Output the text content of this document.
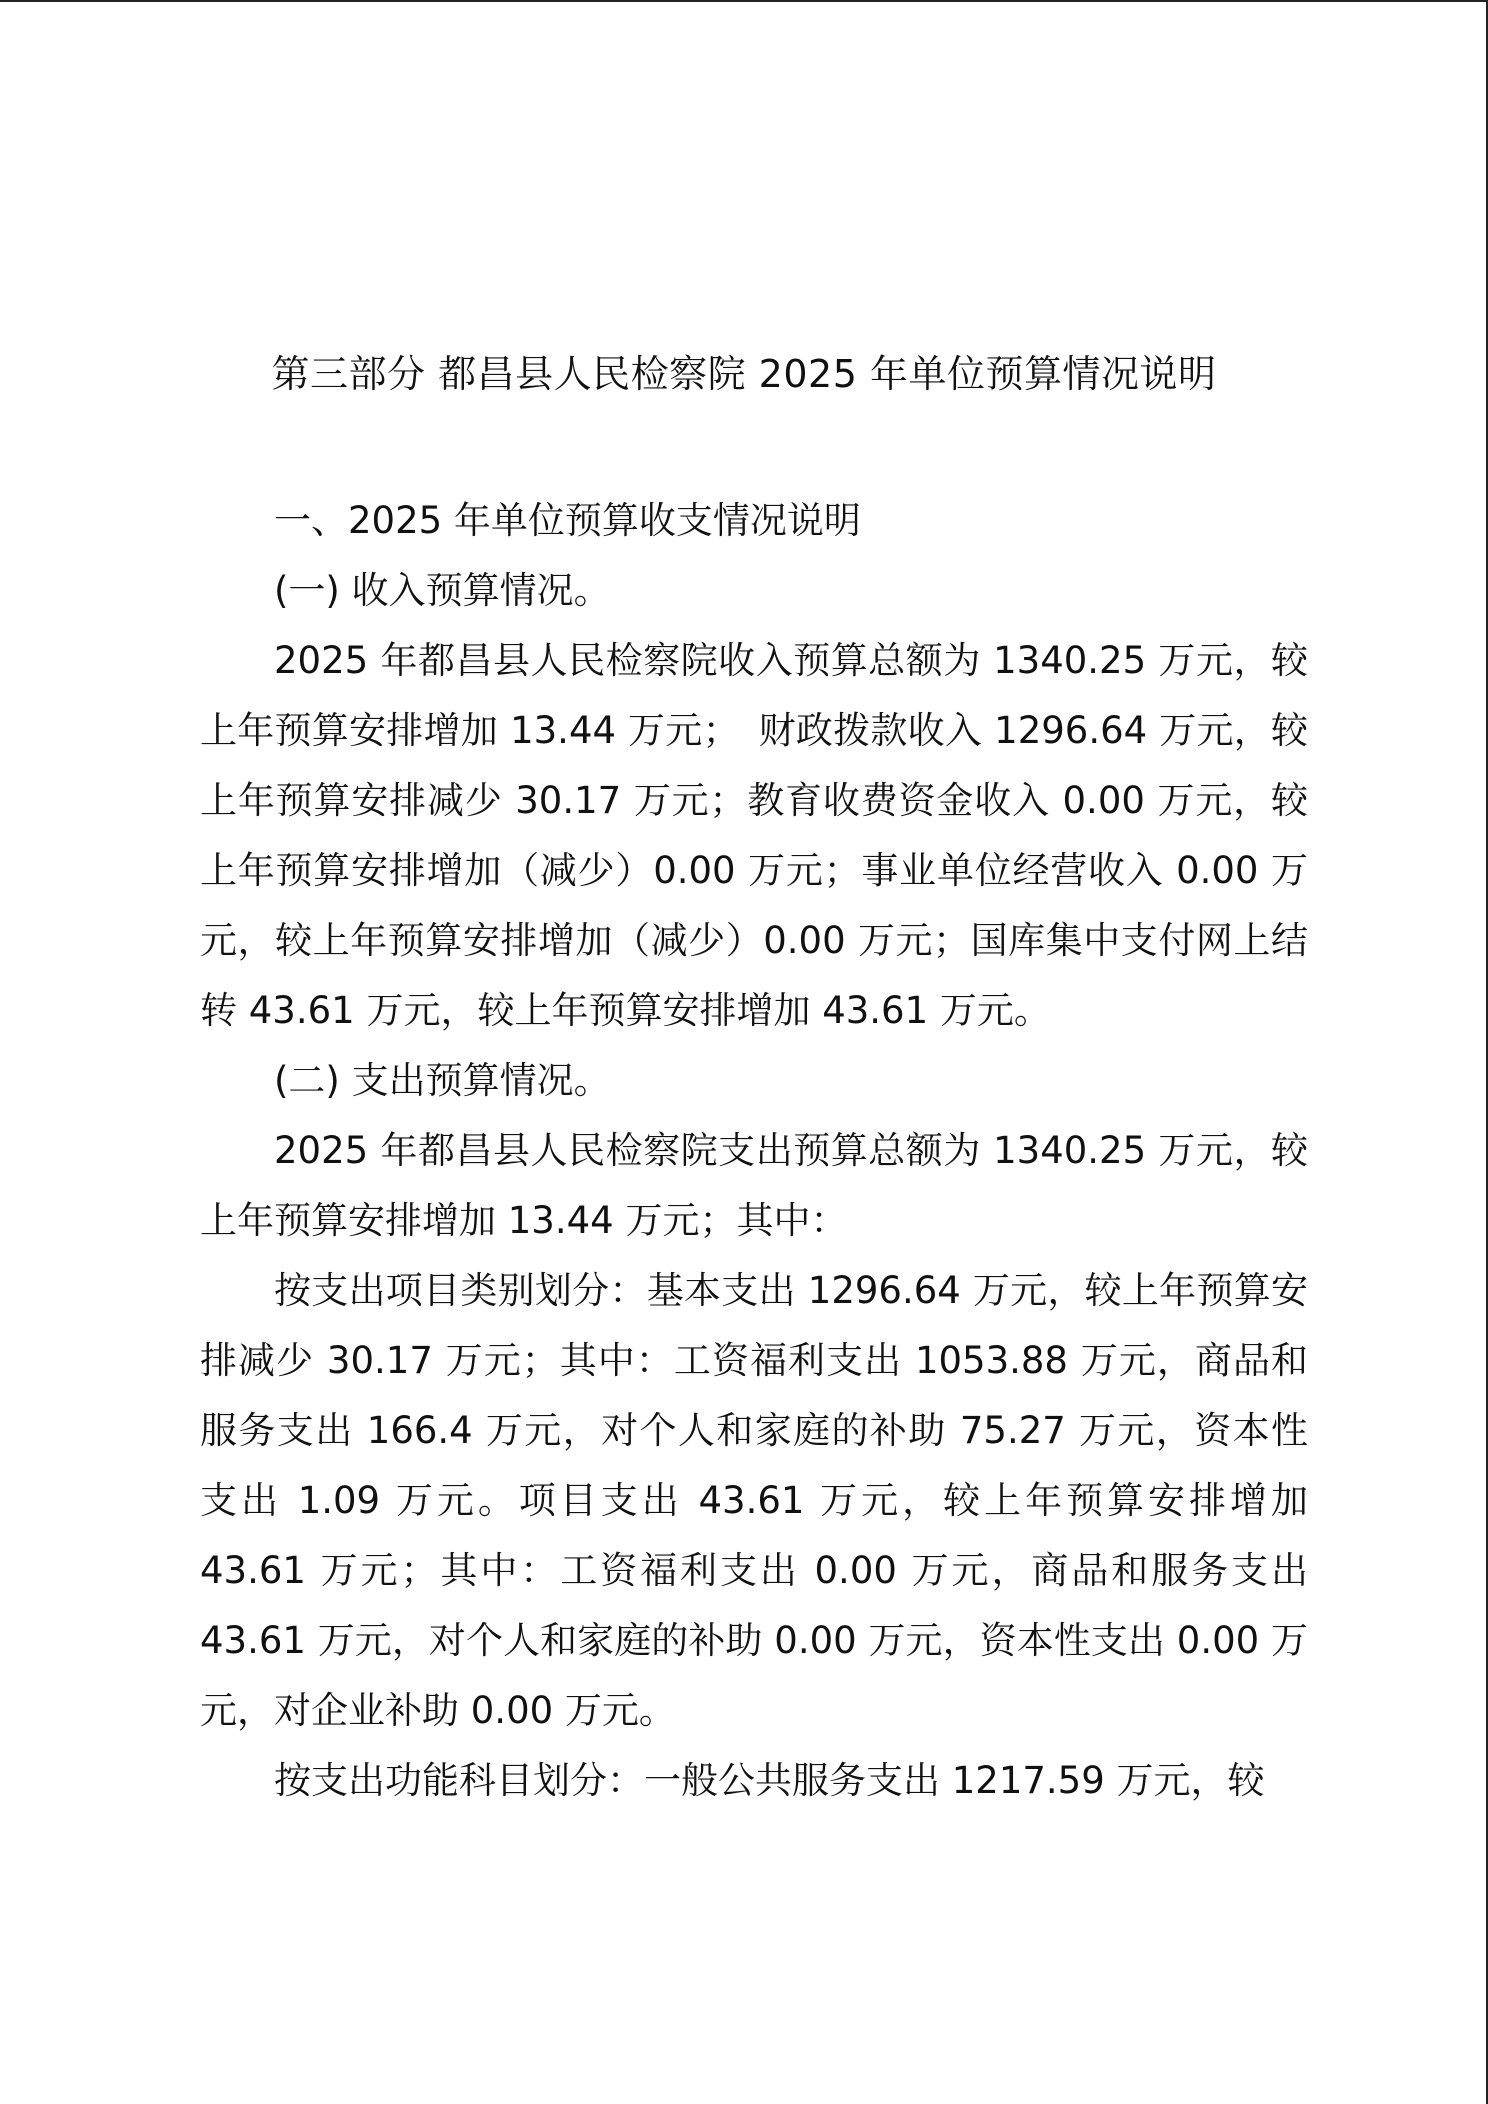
第三部分 都昌县人民检察院 2025 年单位预算情况说明

一、2025 年单位预算收支情况说明

(一) 收入预算情况。

2025 年都昌县人民检察院收入预算总额为 1340.25 万元，较上年预算安排增加 13.44 万元；　财政拨款收入 1296.64 万元，较上年预算安排减少 30.17 万元；教育收费资金收入 0.00 万元，较上年预算安排增加（减少）0.00 万元；事业单位经营收入 0.00 万元，较上年预算安排增加（减少）0.00 万元；国库集中支付网上结转 43.61 万元，较上年预算安排增加 43.61 万元。

(二) 支出预算情况。

2025 年都昌县人民检察院支出预算总额为 1340.25 万元，较上年预算安排增加 13.44 万元；其中：

按支出项目类别划分：基本支出 1296.64 万元，较上年预算安排减少 30.17 万元；其中：工资福利支出 1053.88 万元，商品和服务支出 166.4 万元，对个人和家庭的补助 75.27 万元，资本性支出 1.09 万元。项目支出 43.61 万元，较上年预算安排增加 43.61 万元；其中：工资福利支出 0.00 万元，商品和服务支出 43.61 万元，对个人和家庭的补助 0.00 万元，资本性支出 0.00 万元，对企业补助 0.00 万元。

按支出功能科目划分：一般公共服务支出 1217.59 万元，较
